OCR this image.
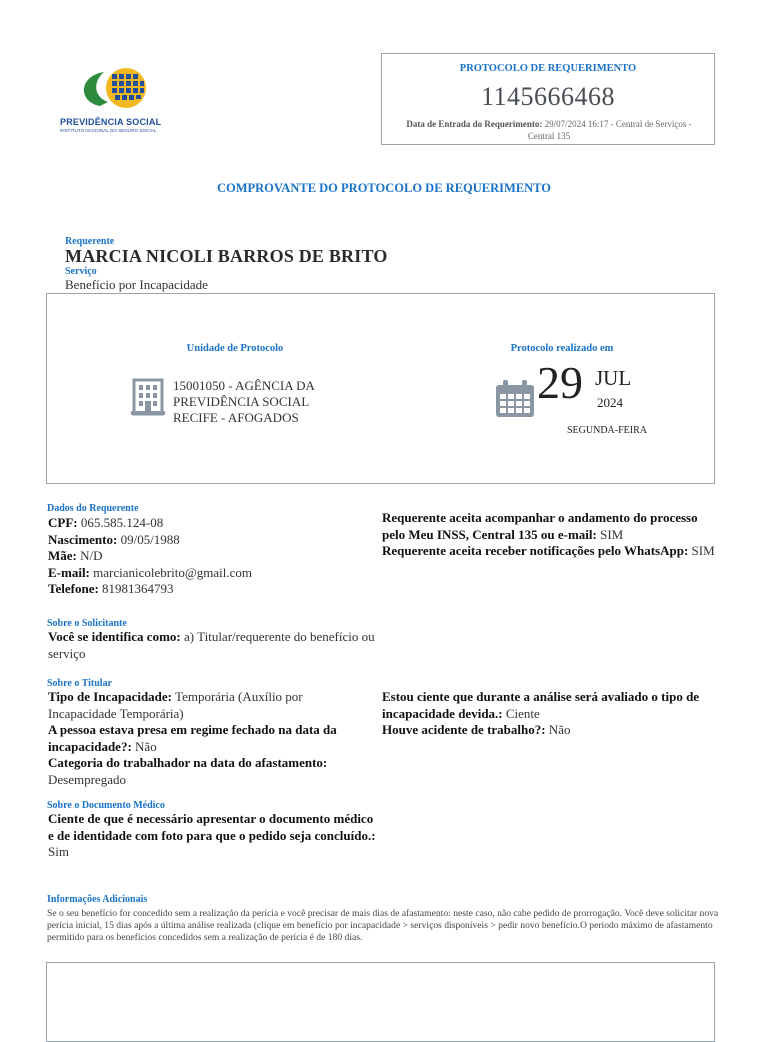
PREVIDÊNCIA SOCIAL
INSTITUTO NACIONAL DO SEGURO SOCIAL
PROTOCOLO DE REQUERIMENTO
1145666468
Data de Entrada do Requerimento: 29/07/2024 16:17 - Central de Serviços - Central 135
COMPROVANTE DO PROTOCOLO DE REQUERIMENTO
Requerente
MARCIA NICOLI BARROS DE BRITO
Serviço
Benefício por Incapacidade
Unidade de Protocolo
15001050 - AGÊNCIA DA
PREVIDÊNCIA SOCIAL
RECIFE - AFOGADOS
Protocolo realizado em
29 JUL
2024
SEGUNDA-FEIRA
Dados do Requerente
CPF: 065.585.124-08
Nascimento: 09/05/1988
Mãe: N/D
E-mail: marcianicolebrito@gmail.com
Telefone: 81981364793
Requerente aceita acompanhar o andamento do processo pelo Meu INSS, Central 135 ou e-mail: SIM
Requerente aceita receber notificações pelo WhatsApp: SIM
Sobre o Solicitante
Você se identifica como: a) Titular/requerente do benefício ou serviço
Sobre o Titular
Tipo de Incapacidade: Temporária (Auxílio por Incapacidade Temporária)
A pessoa estava presa em regime fechado na data da incapacidade?: Não
Categoria do trabalhador na data do afastamento: Desempregado
Estou ciente que durante a análise será avaliado o tipo de incapacidade devida.: Ciente
Houve acidente de trabalho?: Não
Sobre o Documento Médico
Ciente de que é necessário apresentar o documento médico e de identidade com foto para que o pedido seja concluído.: Sim
Informações Adicionais
Se o seu benefício for concedido sem a realização da perícia e você precisar de mais dias de afastamento: neste caso, não cabe pedido de prorrogação. Você deve solicitar nova perícia inicial, 15 dias após a última análise realizada (clique em benefício por incapacidade > serviços disponíveis > pedir novo benefício.O período máximo de afastamento permitido para os benefícios concedidos sem a realização de perícia é de 180 dias.
